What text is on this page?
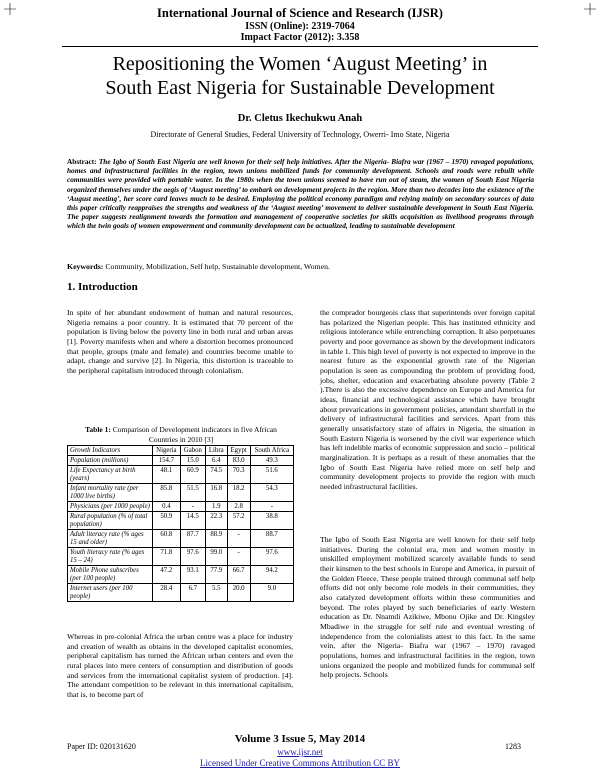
International Journal of Science and Research (IJSR)
ISSN (Online): 2319-7064
Impact Factor (2012): 3.358
Repositioning the Women ‘August Meeting’ in
South East Nigeria for Sustainable Development
Dr. Cletus Ikechukwu Anah
Directorate of General Studies, Federal University of Technology, Owerri- Imo State, Nigeria
Abstract: The Igbo of South East Nigeria are well known for their self help initiatives. After the Nigeria- Biafra war (1967 – 1970) ravaged populations, homes and infrastructural facilities in the region, town unions mobilized funds for community development. Schools and roads were rebuilt while communities were provided with portable water. In the 1980s when the town unions seemed to have run out of steam, the women of South East Nigeria organized themselves under the aegis of ‘August meeting’ to embark on development projects in the region. More than two decades into the existence of the ‘August meeting’, her score card leaves much to be desired. Employing the political economy paradigm and relying mainly on secondary sources of data this paper critically reappraises the strengths and weakness of the ‘August meeting’ movement to deliver sustainable development in South East Nigeria. The paper suggests realignment towards the formation and management of cooperative societies for skills acquisition as livelihood programs through which the twin goals of women empowerment and community development can be actualized, leading to sustainable development
Keywords: Community, Mobilization, Self help, Sustainable development, Women.
1. Introduction
In spite of her abundant endowment of human and natural resources, Nigeria remains a poor country. It is estimated that 70 percent of the population is living below the poverty line in both rural and urban areas [1]. Poverty manifests when and where a distortion becomes pronounced that people, groups (male and female) and countries become unable to adapt, change and survive [2]. In Nigeria, this distortion is traceable to the peripheral capitalism introduced through colonialism.
Table 1: Comparison of Development indicators in five African Countries in 2010 [3]
Growth Indicators	Nigeria	Gabon	Libra	Egypt	South Africa
Population (millions)	154.7	15.0	6.4	83.0	49.3
Life Expectancy at birth (years)	48.1	60.9	74.5	70.3	51.6
Infant mortality rate (per 1000 live births)	85.8	51.5	16.8	18.2	54.3
Physicians (per 1000 people)	0.4	-	1.9	2.8	-
Rural population (% of total population)	50.9	14.5	22.3	57.2	38.8
Adult literacy rate (% ages 15 and older)	60.8	87.7	88.9	-	88.7
Youth literacy rate (% ages 15 – 24)	71.8	97.6	99.0	-	97.6
Mobile Phone subscribes (per 100 people)	47.2	93.1	77.9	66.7	94.2
Internet users (per 100 people)	28.4	6.7	5.5	20.0	9.0
Whereas in pre-colonial Africa the urban centre was a place for industry and creation of wealth as obtains in the developed capitalist economies, peripheral capitalism has turned the African urban centers and even the rural places into mere centers of consumption and distribution of goods and services from the international capitalist system of production. [4]. The attendant competition to be relevant in this international capitalism, that is, to become part of
the comprador bourgeois class that superintends over foreign capital has polarized the Nigerian people. This has instituted ethnicity and religious intolerance while entrenching corruption. It also perpetuates poverty and poor governance as shown by the development indicators in table 1. This high level of poverty is not expected to improve in the nearest future as the exponential growth rate of the Nigerian population is seen as compounding the problem of providing food, jobs, shelter, education and exacerbating absolute poverty (Table 2 ).There is also the excessive dependence on Europe and America for ideas, financial and technological assistance which have brought about prevarications in government policies, attendant shortfall in the delivery of infrastructural facilities and services. Apart from this generally unsatisfactory state of affairs in Nigeria, the situation in South Eastern Nigeria is worsened by the civil war experience which has left indelible marks of economic suppression and socio – political marginalization. It is perhaps as a result of these anomalies that the Igbo of South East Nigeria have relied more on self help and community development projects to provide the region with much needed infrastructural facilities.
The Igbo of South East Nigeria are well known for their self help initiatives. During the colonial era, men and women mostly in unskilled employment mobilized scarcely available funds to send their kinsmen to the best schools in Europe and America, in pursuit of the Golden Fleece. These people trained through communal self help efforts did not only become role models in their communities, they also catalyzed development efforts within these communities and beyond. The roles played by such beneficiaries of early Western education as Dr. Nnamdi Azikiwe, Mbonu Ojike and Dr. Kingsley Mbadiwe in the struggle for self rule and eventual wresting of independence from the colonialists attest to this fact. In the same vein, after the Nigeria- Biafra war (1967 – 1970) ravaged populations, homes and infrastructural facilities in the region, town unions organized the people and mobilized funds for communal self help projects. Schools
Volume 3 Issue 5, May 2014
Paper ID: 020131620	1283
www.ijsr.net
Licensed Under Creative Commons Attribution CC BY
